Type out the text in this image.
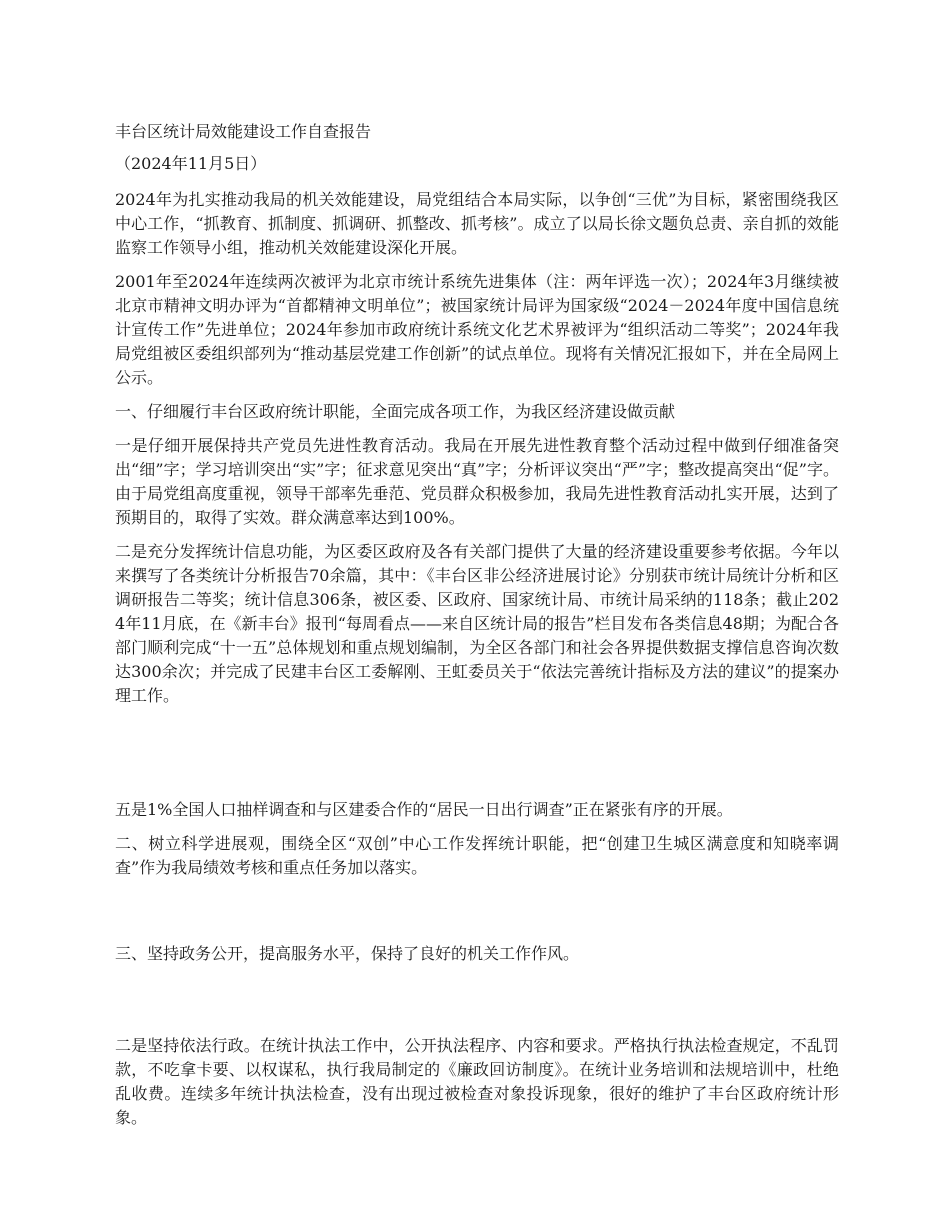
丰台区统计局效能建设工作自查报告

（2024年11月5日）

2024年为扎实推动我局的机关效能建设，局党组结合本局实际，以争创“三优”为目标，紧密围绕我区中心工作，“抓教育、抓制度、抓调研、抓整改、抓考核”。成立了以局长徐文题负总责、亲自抓的效能监察工作领导小组，推动机关效能建设深化开展。

2001年至2024年连续两次被评为北京市统计系统先进集体（注：两年评选一次）；2024年3月继续被北京市精神文明办评为“首都精神文明单位”；被国家统计局评为国家级“2024－2024年度中国信息统计宣传工作”先进单位；2024年参加市政府统计系统文化艺术界被评为“组织活动二等奖”；2024年我局党组被区委组织部列为“推动基层党建工作创新”的试点单位。现将有关情况汇报如下，并在全局网上公示。

一、仔细履行丰台区政府统计职能，全面完成各项工作，为我区经济建设做贡献

一是仔细开展保持共产党员先进性教育活动。我局在开展先进性教育整个活动过程中做到仔细准备突出“细”字；学习培训突出“实”字；征求意见突出“真”字；分析评议突出“严”字；整改提高突出“促”字。由于局党组高度重视，领导干部率先垂范、党员群众积极参加，我局先进性教育活动扎实开展，达到了预期目的，取得了实效。群众满意率达到100%。

二是充分发挥统计信息功能，为区委区政府及各有关部门提供了大量的经济建设重要参考依据。今年以来撰写了各类统计分析报告70余篇，其中：《丰台区非公经济进展讨论》分别获市统计局统计分析和区调研报告二等奖；统计信息306条，被区委、区政府、国家统计局、市统计局采纳的118条；截止2024年11月底，在《新丰台》报刊“每周看点——来自区统计局的报告”栏目发布各类信息48期；为配合各部门顺利完成“十一五”总体规划和重点规划编制，为全区各部门和社会各界提供数据支撑信息咨询次数达300余次；并完成了民建丰台区工委解刚、王虹委员关于“依法完善统计指标及方法的建议”的提案办理工作。

五是1%全国人口抽样调查和与区建委合作的“居民一日出行调查”正在紧张有序的开展。

二、树立科学进展观，围绕全区“双创”中心工作发挥统计职能，把“创建卫生城区满意度和知晓率调查”作为我局绩效考核和重点任务加以落实。

三、坚持政务公开，提高服务水平，保持了良好的机关工作作风。

二是坚持依法行政。在统计执法工作中，公开执法程序、内容和要求。严格执行执法检查规定，不乱罚款，不吃拿卡要、以权谋私，执行我局制定的《廉政回访制度》。在统计业务培训和法规培训中，杜绝乱收费。连续多年统计执法检查，没有出现过被检查对象投诉现象，很好的维护了丰台区政府统计形象。
